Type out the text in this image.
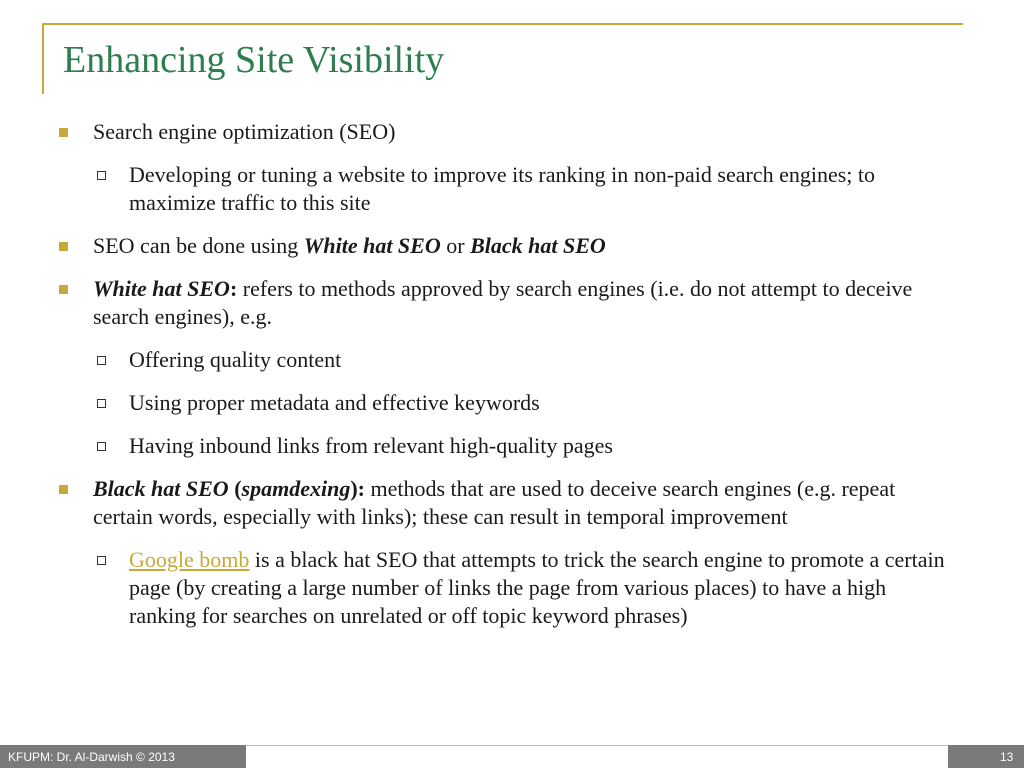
Enhancing Site Visibility
Search engine optimization (SEO)
Developing or tuning a website to improve its ranking in non-paid search engines; to maximize traffic to this site
SEO can be done using White hat SEO or Black hat SEO
White hat SEO: refers to methods approved by search engines (i.e. do not attempt to deceive search engines), e.g.
Offering quality content
Using proper metadata and effective keywords
Having inbound links from relevant high-quality pages
Black hat SEO (spamdexing): methods that are used to deceive search engines (e.g. repeat certain words, especially with links); these can result in temporal improvement
Google bomb is a black hat SEO that attempts to trick the search engine to promote a certain page (by creating a large number of links the page from various places) to have a high ranking for searches on unrelated or off topic keyword phrases)
KFUPM: Dr. Al-Darwish © 2013	13
